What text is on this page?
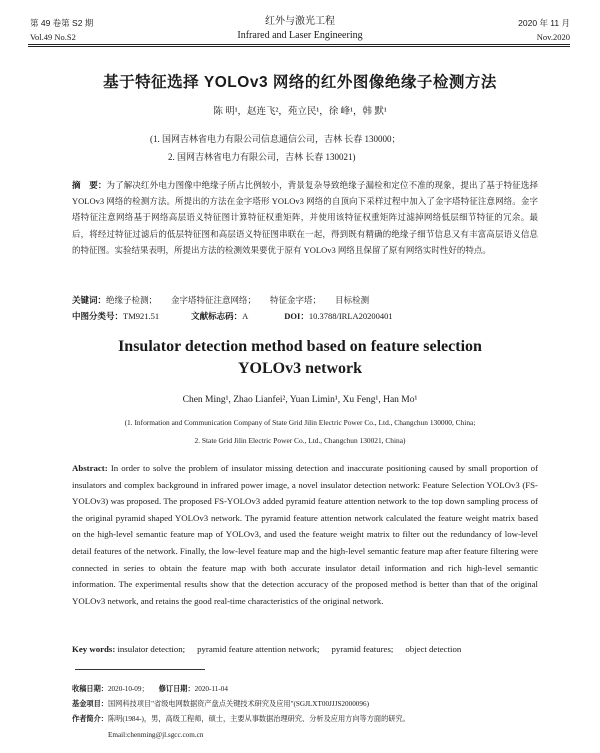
第 49 卷第 S2 期	红外与激光工程	2020 年 11 月
Vol.49 No.S2	Infrared and Laser Engineering	Nov.2020
基于特征选择 YOLOv3 网络的红外图像绝缘子检测方法
陈 明¹，赵连飞²，苑立民¹，徐 峰¹，韩 默¹
(1. 国网吉林省电力有限公司信息通信公司，吉林 长春 130000；
2. 国网吉林省电力有限公司，吉林 长春 130021)
摘　要：为了解决红外电力图像中绝缘子所占比例较小，背景复杂导致绝缘子漏检和定位不准的现象，提出了基于特征选择 YOLOv3 网络的检测方法。所提出的方法在金字塔形 YOLOv3 网络的自顶向下采样过程中加入了金字塔特征注意网络。金字塔特征注意网络基于网络高层语义特征图计算特征权重矩阵，并使用该特征权重矩阵过滤掉网络低层细节特征的冗余。最后，将经过特征过滤后的低层特征图和高层语义特征图串联在一起，得到既有精确的绝缘子细节信息又有丰富高层语义信息的特征图。实验结果表明，所提出方法的检测效果要优于原有 YOLOv3 网络且保留了原有网络实时性好的特点。
关键词：绝缘子检测； 金字塔特征注意网络； 特征金字塔； 目标检测
中图分类号：TM921.51	文献标志码：A	DOI：10.3788/IRLA20200401
Insulator detection method based on feature selection
YOLOv3 network
Chen Ming¹, Zhao Lianfei², Yuan Limin¹, Xu Feng¹, Han Mo¹
(1. Information and Communication Company of State Grid Jilin Electric Power Co., Ltd., Changchun 130000, China;
2. State Grid Jilin Electric Power Co., Ltd., Changchun 130021, China)
Abstract: In order to solve the problem of insulator missing detection and inaccurate positioning caused by small proportion of insulators and complex background in infrared power image, a novel insulator detection network: Feature Selection YOLOv3 (FS-YOLOv3) was proposed. The proposed FS-YOLOv3 added pyramid feature attention network to the top down sampling process of the original pyramid shaped YOLOv3 network. The pyramid feature attention network calculated the feature weight matrix based on the high-level semantic feature map of YOLOv3, and used the feature weight matrix to filter out the redundancy of low-level detail features of the network. Finally, the low-level feature map and the high-level semantic feature map after feature filtering were connected in series to obtain the feature map with both accurate insulator detail information and rich high-level semantic information. The experimental results show that the detection accuracy of the proposed method is better than that of the original YOLOv3 network, and retains the good real-time characteristics of the original network.
Key words: insulator detection; pyramid feature attention network; pyramid features; object detection
收稿日期：2020-10-09； 修订日期：2020-11-04
基金项目：国网科技项目"省级电网数据资产盘点关键技术研究及应用"(SGJLXT00JJJS2000096)
作者简介：陈明(1984-)，男，高级工程师，硕士，主要从事数据治理研究、分析及应用方向等方面的研究。
Email:chenming@jl.sgcc.com.cn
